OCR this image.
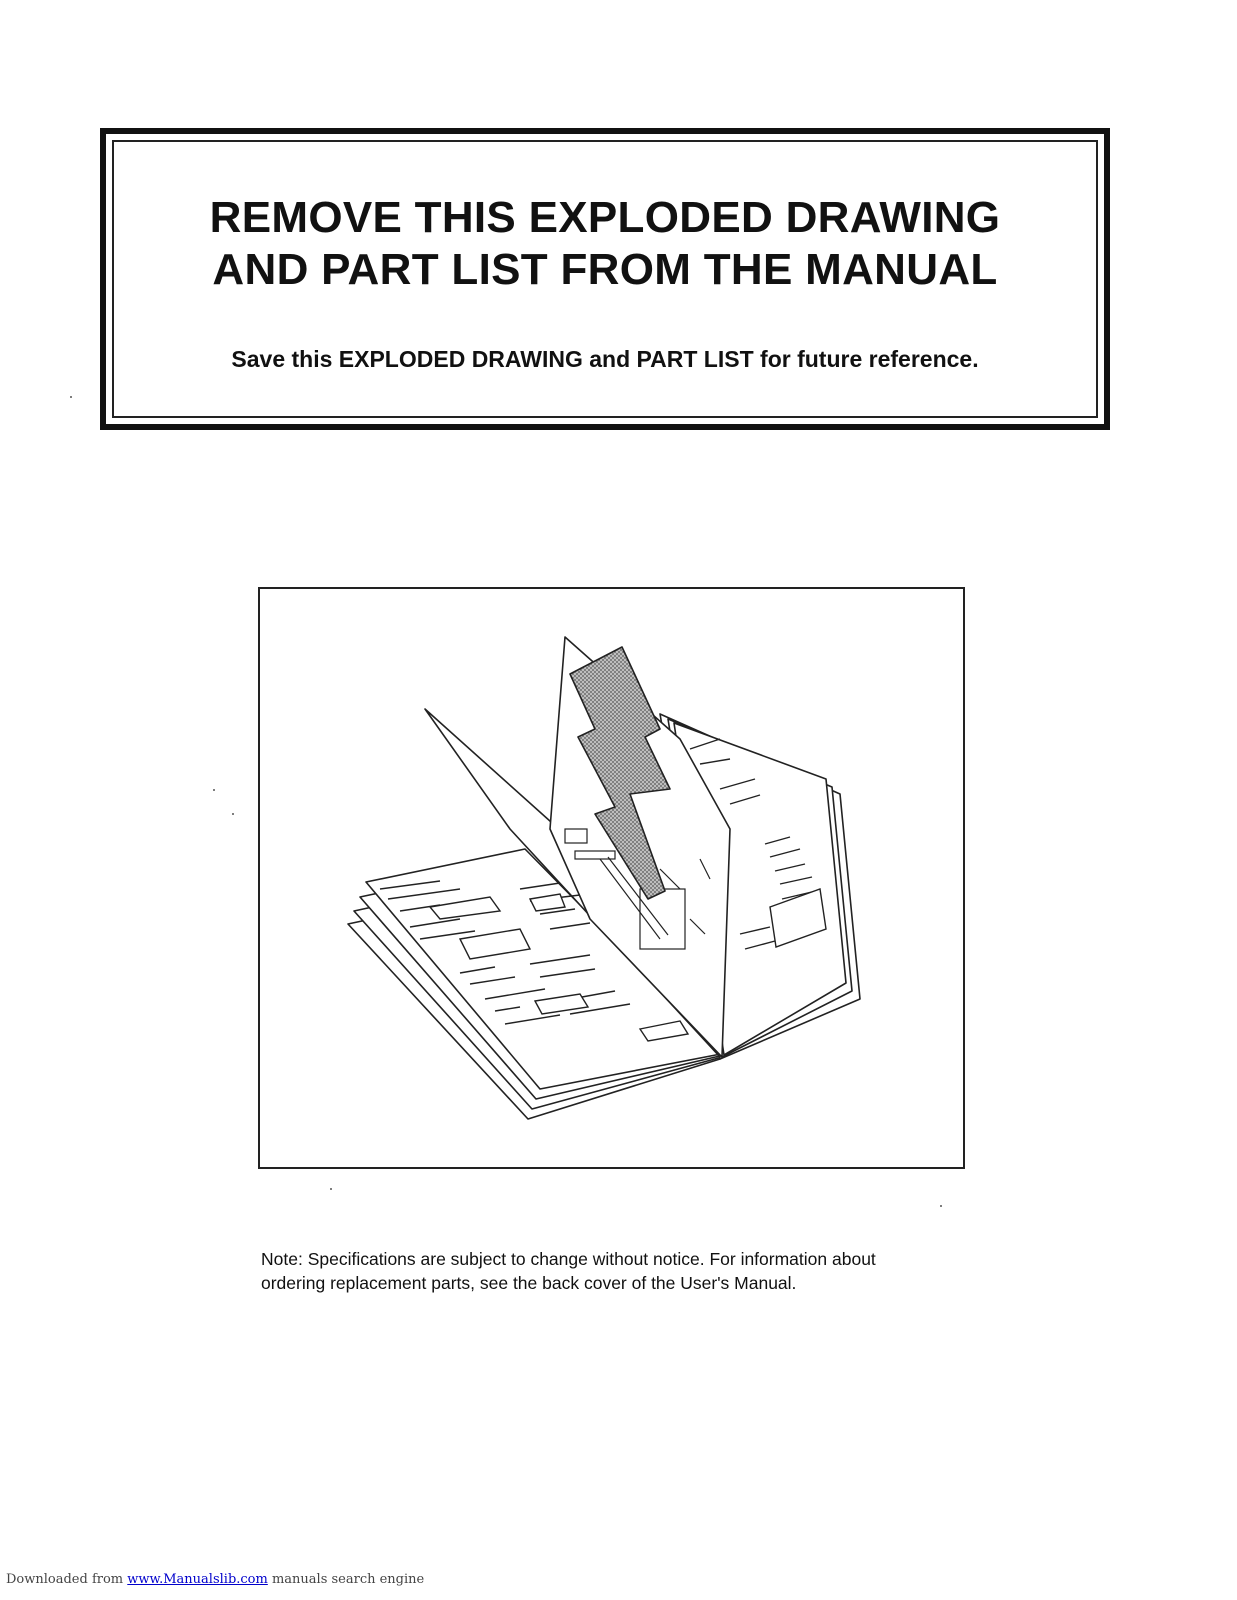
REMOVE THIS EXPLODED DRAWING
AND PART LIST FROM THE MANUAL

Save this EXPLODED DRAWING and PART LIST for future reference.

Note: Specifications are subject to change without notice. For information about
ordering replacement parts, see the back cover of the User's Manual.

Downloaded from www.Manualslib.com manuals search engine
